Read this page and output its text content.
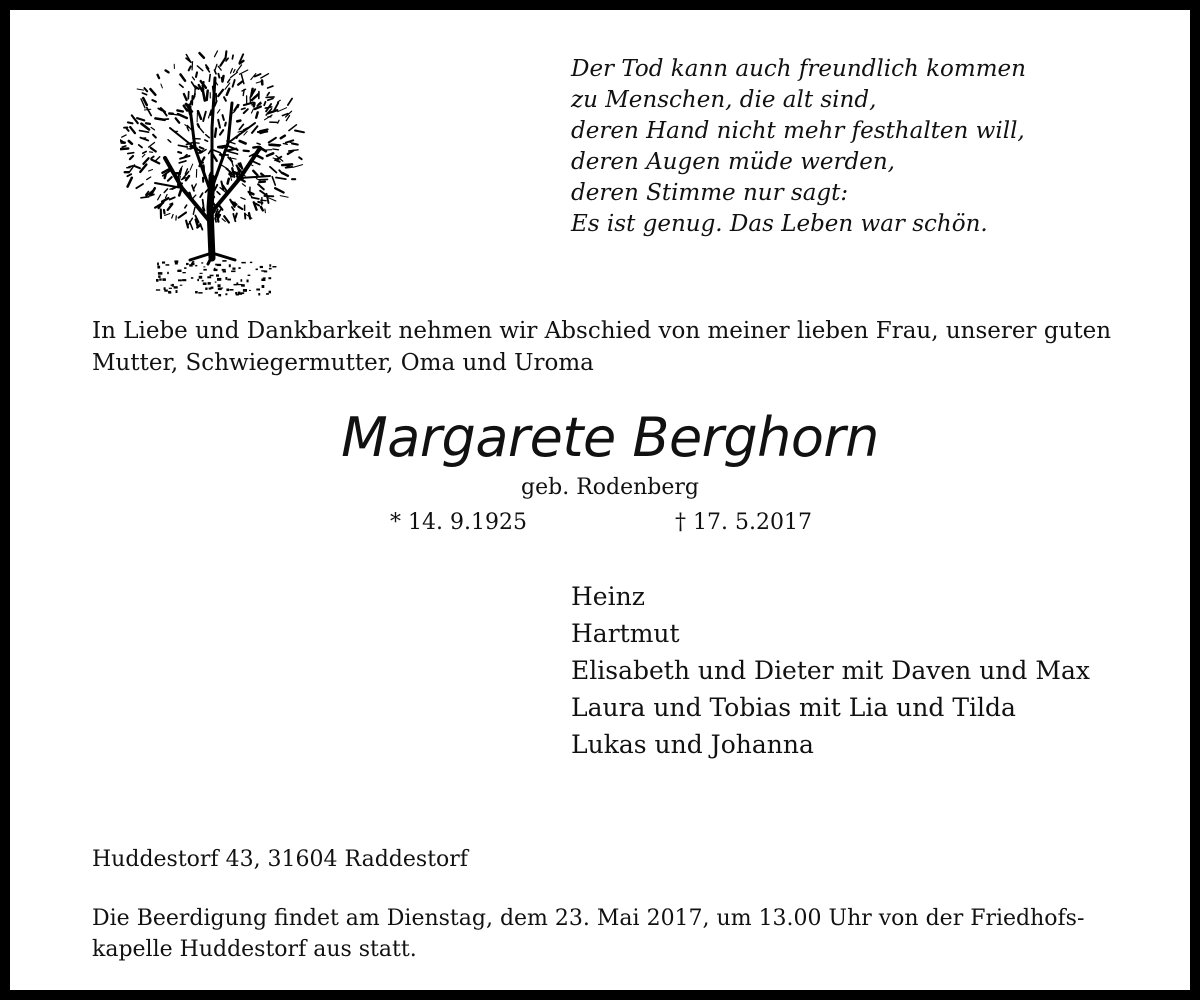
Der Tod kann auch freundlich kommen
zu Menschen, die alt sind,
deren Hand nicht mehr festhalten will,
deren Augen müde werden,
deren Stimme nur sagt:
Es ist genug. Das Leben war schön.
In Liebe und Dankbarkeit nehmen wir Abschied von meiner lieben Frau, unserer guten
Mutter, Schwiegermutter, Oma und Uroma
Margarete Berghorn
geb. Rodenberg
* 14. 9.1925	† 17. 5.2017
Heinz
Hartmut
Elisabeth und Dieter mit Daven und Max
Laura und Tobias mit Lia und Tilda
Lukas und Johanna
Huddestorf 43, 31604 Raddestorf
Die Beerdigung findet am Dienstag, dem 23. Mai 2017, um 13.00 Uhr von der Friedhofs-
kapelle Huddestorf aus statt.
